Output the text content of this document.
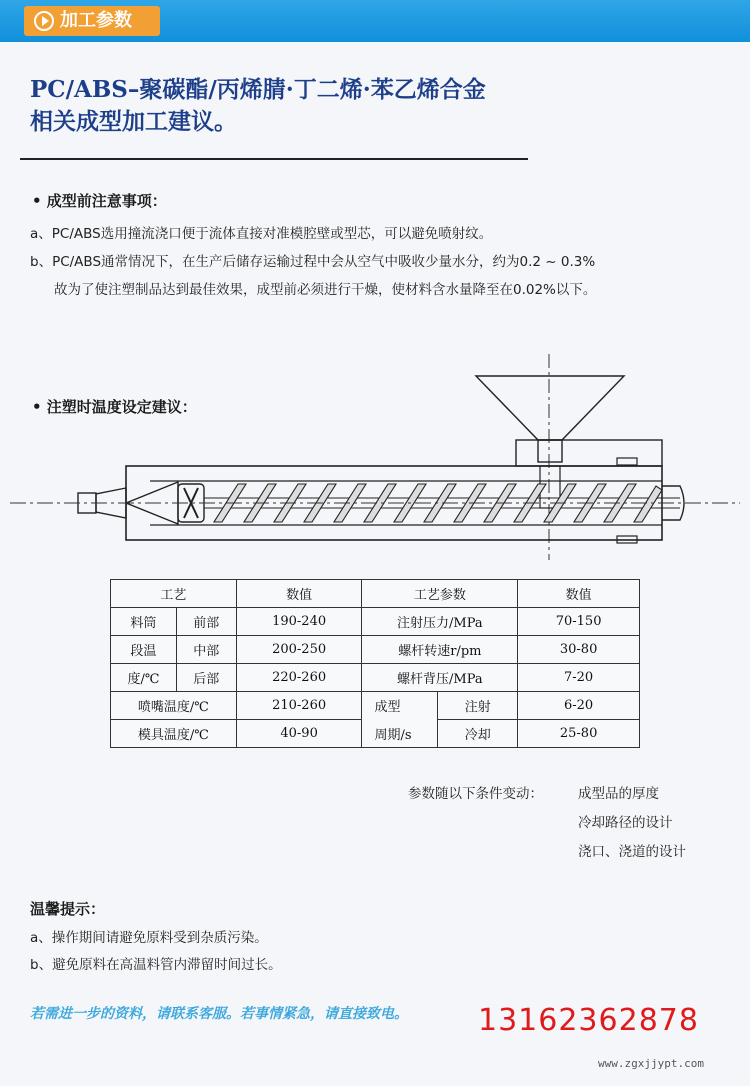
加工参数
PC/ABS–聚碳酯/丙烯腈·丁二烯·苯乙烯合金
相关成型加工建议。
• 成型前注意事项：
a、PC/ABS选用撞流浇口便于流体直接对准模腔壁或型芯，可以避免喷射纹。
b、PC/ABS通常情况下，在生产后储存运输过程中会从空气中吸收少量水分，约为0.2 ~ 0.3%
故为了使注塑制品达到最佳效果，成型前必须进行干燥，使材料含水量降至在0.02%以下。
• 注塑时温度设定建议：
工艺		数值	工艺参数		数值
料筒	前部	190-240	注射压力/MPa		70-150
段温	中部	200-250	螺杆转速r/pm		30-80
度/℃	后部	220-260	螺杆背压/MPa		7-20
喷嘴温度/℃		210-260	成型	注射	6-20
模具温度/℃		40-90	周期/s	冷却	25-80
参数随以下条件变动：	成型品的厚度
冷却路径的设计
浇口、浇道的设计
温馨提示：
a、操作期间请避免原料受到杂质污染。
b、避免原料在高温料管内滞留时间过长。
若需进一步的资料，请联系客服。若事情紧急，请直接致电。 13162362878
www.zgxjjypt.com
